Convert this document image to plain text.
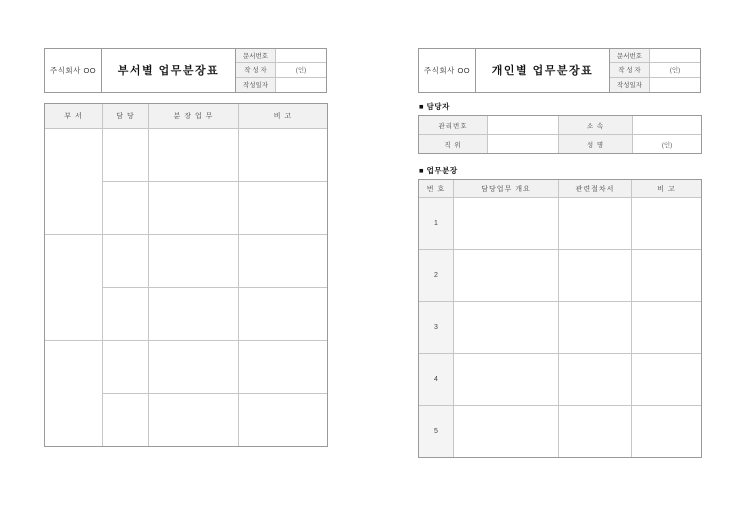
주식회사 OO	부서별 업무분장표
문서번호
작 성 자	(인)
작성일자
부 서	담 당	분 장 업 무	비 고

주식회사 OO	개인별 업무분장표
문서번호
작 성 자	(인)
작성일자
■ 담당자
관리번호		소 속	
직 위		성 명	(인)
■ 업무분장
번 호	담당업무 개요	관련절차서	비 고
1			
2			
3			
4			
5			
